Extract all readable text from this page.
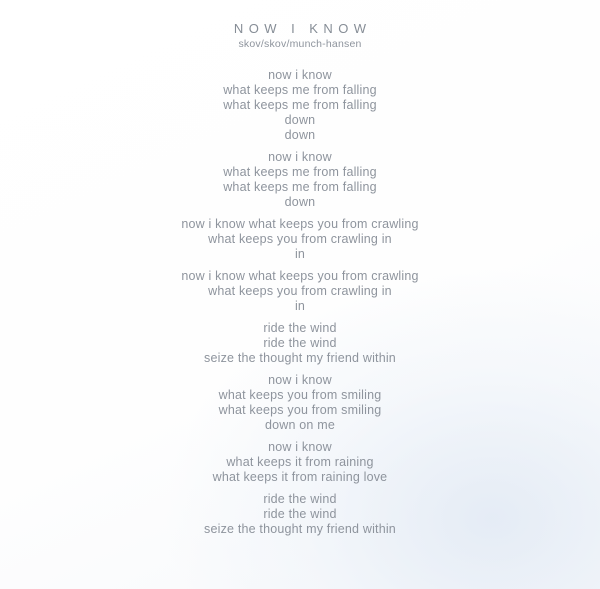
NOW I KNOW
skov/skov/munch-hansen
now i know
what keeps me from falling
what keeps me from falling
down
down
now i know
what keeps me from falling
what keeps me from falling
down
now i know what keeps you from crawling
what keeps you from crawling in
in
now i know what keeps you from crawling
what keeps you from crawling in
in
ride the wind
ride the wind
seize the thought my friend within
now i know
what keeps you from smiling
what keeps you from smiling
down on me
now i know
what keeps it from raining
what keeps it from raining love
ride the wind
ride the wind
seize the thought my friend within
